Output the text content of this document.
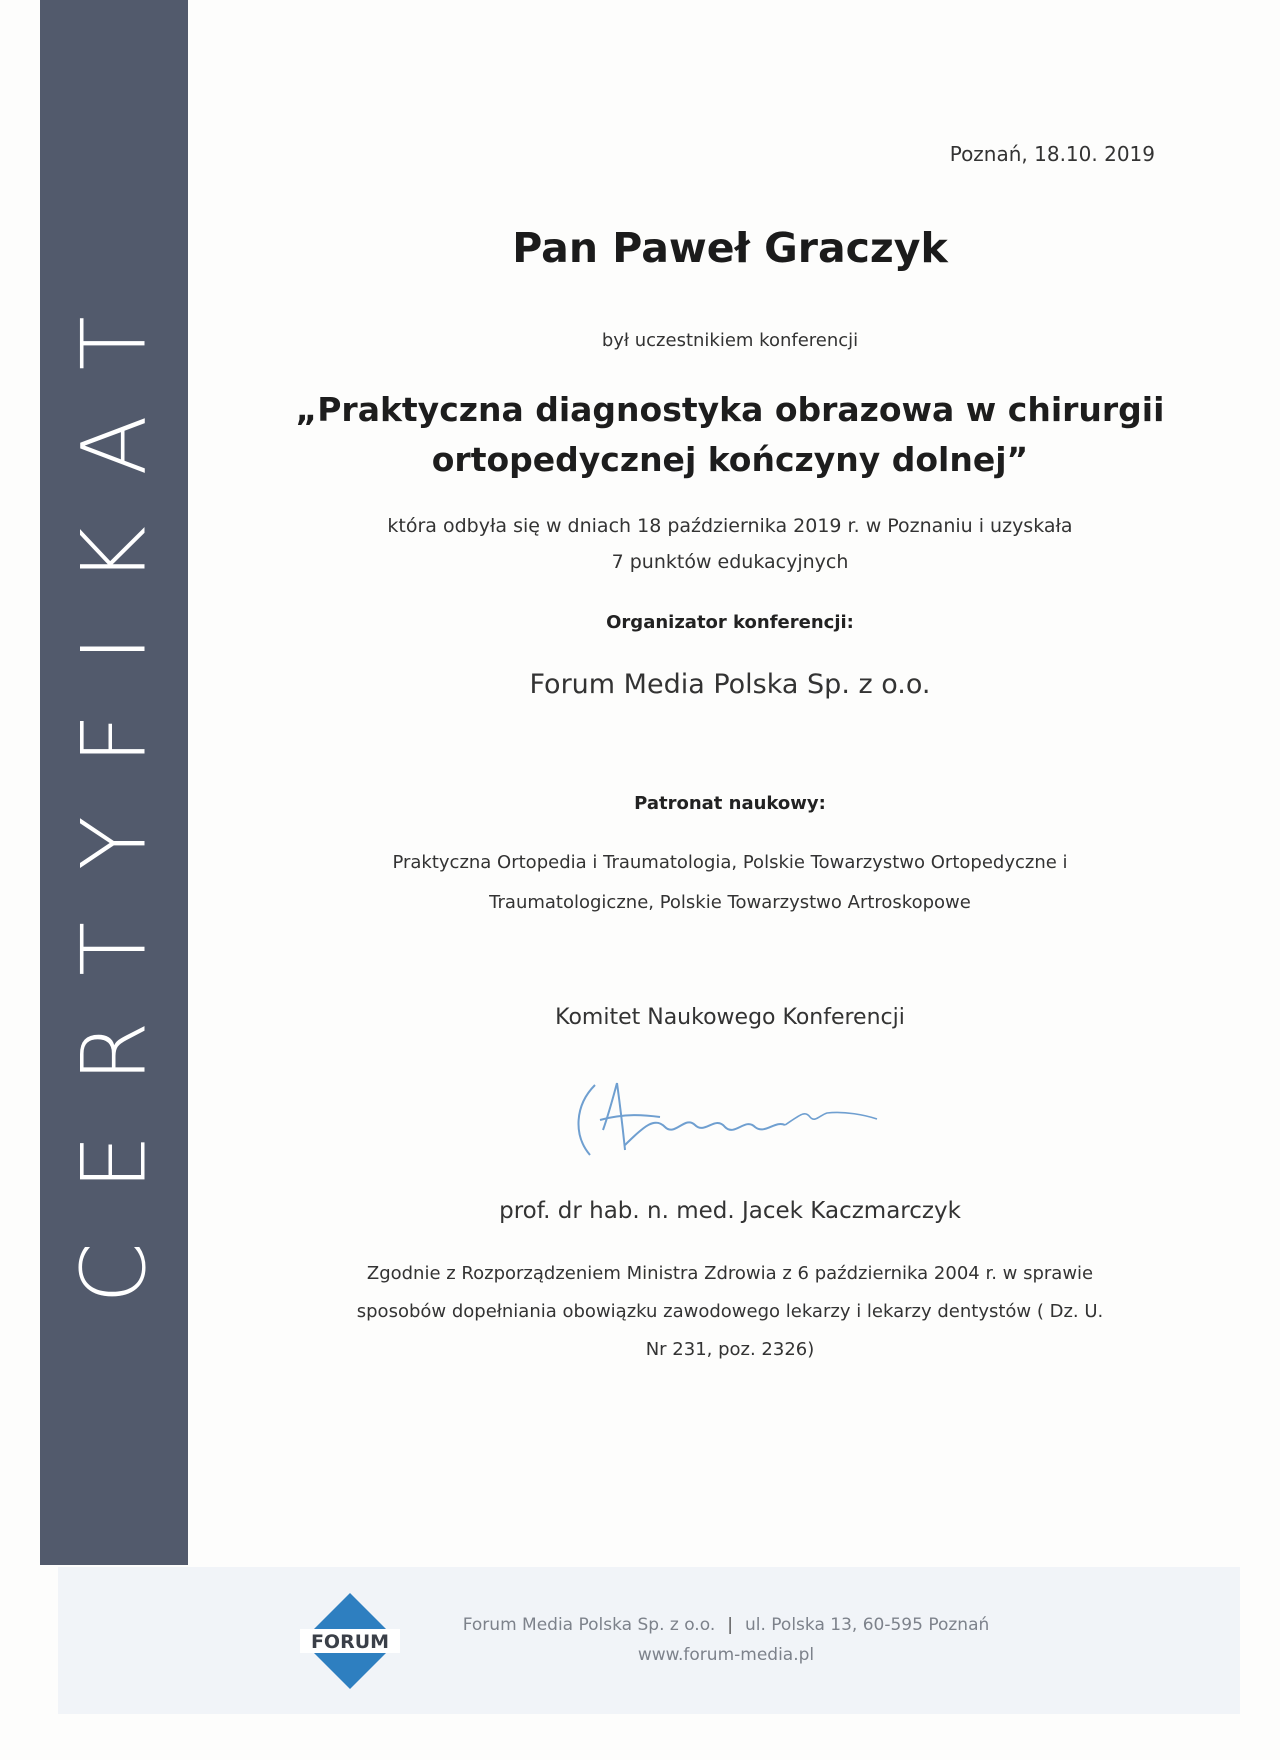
CERTYFIKAT
Poznań, 18.10. 2019
Pan Paweł Graczyk
był uczestnikiem konferencji
„Praktyczna diagnostyka obrazowa w chirurgii
ortopedycznej kończyny dolnej”
która odbyła się w dniach 18 października 2019 r. w Poznaniu i uzyskała
7 punktów edukacyjnych
Organizator konferencji:
Forum Media Polska Sp. z o.o.
Patronat naukowy:
Praktyczna Ortopedia i Traumatologia, Polskie Towarzystwo Ortopedyczne i
Traumatologiczne, Polskie Towarzystwo Artroskopowe
Komitet Naukowego Konferencji
prof. dr hab. n. med. Jacek Kaczmarczyk
Zgodnie z Rozporządzeniem Ministra Zdrowia z 6 października 2004 r. w sprawie
sposobów dopełniania obowiązku zawodowego lekarzy i lekarzy dentystów ( Dz. U.
Nr 231, poz. 2326)
FORUM
Forum Media Polska Sp. z o.o. | ul. Polska 13, 60-595 Poznań
www.forum-media.pl
